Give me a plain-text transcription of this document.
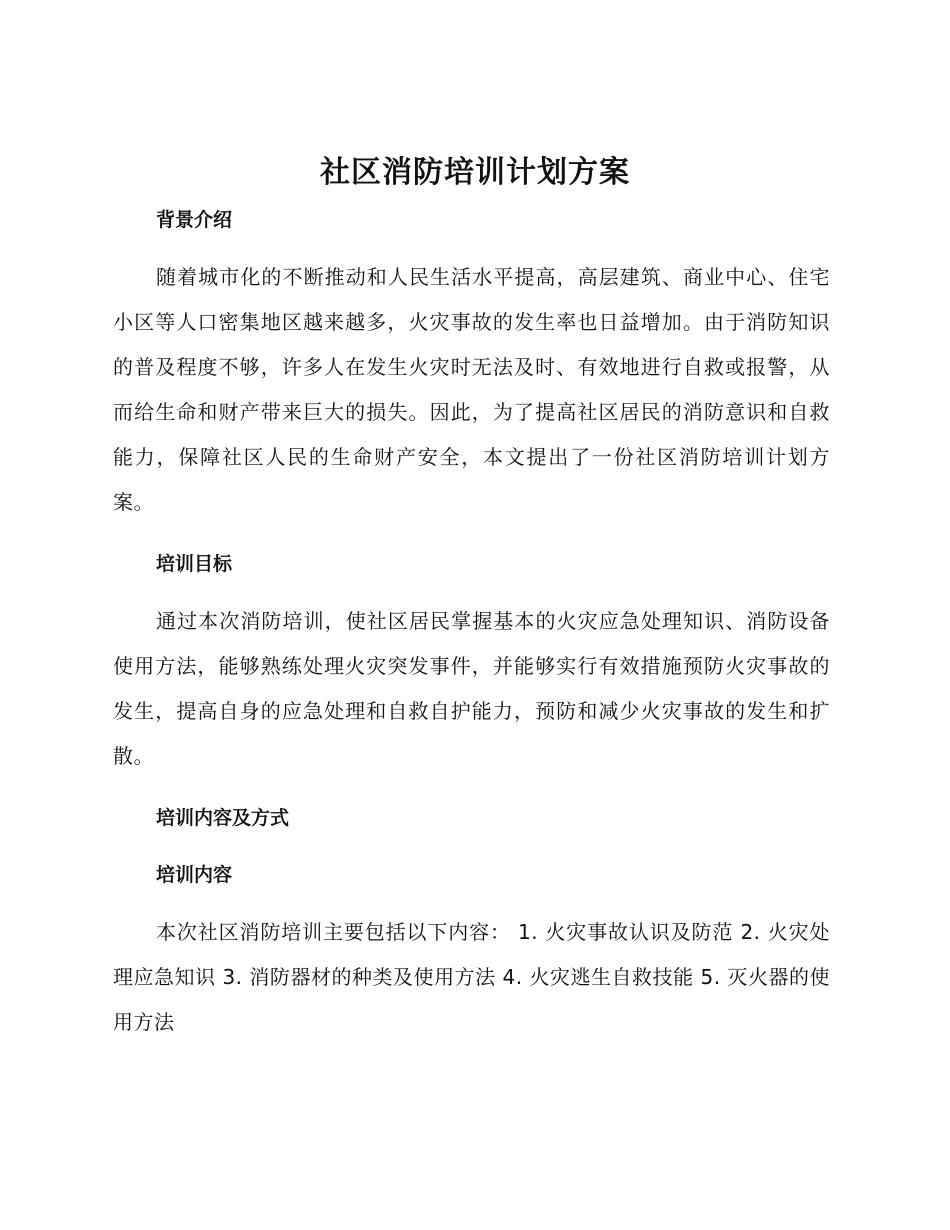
社区消防培训计划方案
背景介绍

随着城市化的不断推动和人民生活水平提高，高层建筑、商业中心、住宅小区等人口密集地区越来越多，火灾事故的发生率也日益增加。由于消防知识的普及程度不够，许多人在发生火灾时无法及时、有效地进行自救或报警，从而给生命和财产带来巨大的损失。因此，为了提高社区居民的消防意识和自救能力，保障社区人民的生命财产安全，本文提出了一份社区消防培训计划方案。

培训目标

通过本次消防培训，使社区居民掌握基本的火灾应急处理知识、消防设备使用方法，能够熟练处理火灾突发事件，并能够实行有效措施预防火灾事故的发生，提高自身的应急处理和自救自护能力，预防和减少火灾事故的发生和扩散。

培训内容及方式
培训内容

本次社区消防培训主要包括以下内容： 1. 火灾事故认识及防范 2. 火灾处理应急知识 3. 消防器材的种类及使用方法 4. 火灾逃生自救技能 5. 灭火器的使用方法
